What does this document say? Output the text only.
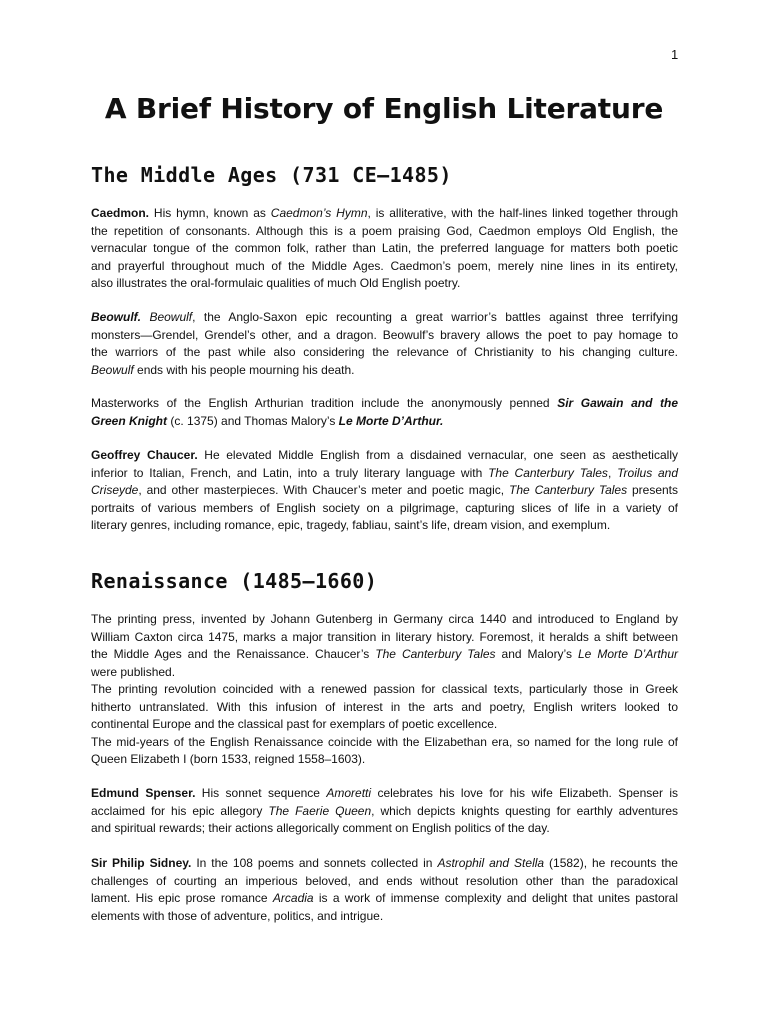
1
A Brief History of English Literature
The Middle Ages (731 CE–1485)
Caedmon. His hymn, known as Caedmon’s Hymn, is alliterative, with the half-lines linked together through
the repetition of consonants. Although this is a poem praising God, Caedmon employs Old English, the
vernacular tongue of the common folk, rather than Latin, the preferred language for matters both poetic
and prayerful throughout much of the Middle Ages. Caedmon’s poem, merely nine lines in its entirety,
also illustrates the oral-formulaic qualities of much Old English poetry.
Beowulf. Beowulf, the Anglo-Saxon epic recounting a great warrior’s battles against three terrifying
monsters—Grendel, Grendel’s other, and a dragon. Beowulf’s bravery allows the poet to pay homage to
the warriors of the past while also considering the relevance of Christianity to his changing culture.
Beowulf ends with his people mourning his death.
Masterworks of the English Arthurian tradition include the anonymously penned Sir Gawain and the
Green Knight (c. 1375) and Thomas Malory’s Le Morte D’Arthur.
Geoffrey Chaucer. He elevated Middle English from a disdained vernacular, one seen as aesthetically
inferior to Italian, French, and Latin, into a truly literary language with The Canterbury Tales, Troilus and
Criseyde, and other masterpieces. With Chaucer’s meter and poetic magic, The Canterbury Tales presents
portraits of various members of English society on a pilgrimage, capturing slices of life in a variety of
literary genres, including romance, epic, tragedy, fabliau, saint’s life, dream vision, and exemplum.
Renaissance (1485–1660)
The printing press, invented by Johann Gutenberg in Germany circa 1440 and introduced to England by
William Caxton circa 1475, marks a major transition in literary history. Foremost, it heralds a shift between
the Middle Ages and the Renaissance. Chaucer’s The Canterbury Tales and Malory’s Le Morte D’Arthur
were published.
The printing revolution coincided with a renewed passion for classical texts, particularly those in Greek
hitherto untranslated. With this infusion of interest in the arts and poetry, English writers looked to
continental Europe and the classical past for exemplars of poetic excellence.
The mid-years of the English Renaissance coincide with the Elizabethan era, so named for the long rule of
Queen Elizabeth I (born 1533, reigned 1558–1603).
Edmund Spenser. His sonnet sequence Amoretti celebrates his love for his wife Elizabeth. Spenser is
acclaimed for his epic allegory The Faerie Queen, which depicts knights questing for earthly adventures
and spiritual rewards; their actions allegorically comment on English politics of the day.
Sir Philip Sidney. In the 108 poems and sonnets collected in Astrophil and Stella (1582), he recounts the
challenges of courting an imperious beloved, and ends without resolution other than the paradoxical
lament. His epic prose romance Arcadia is a work of immense complexity and delight that unites pastoral
elements with those of adventure, politics, and intrigue.
